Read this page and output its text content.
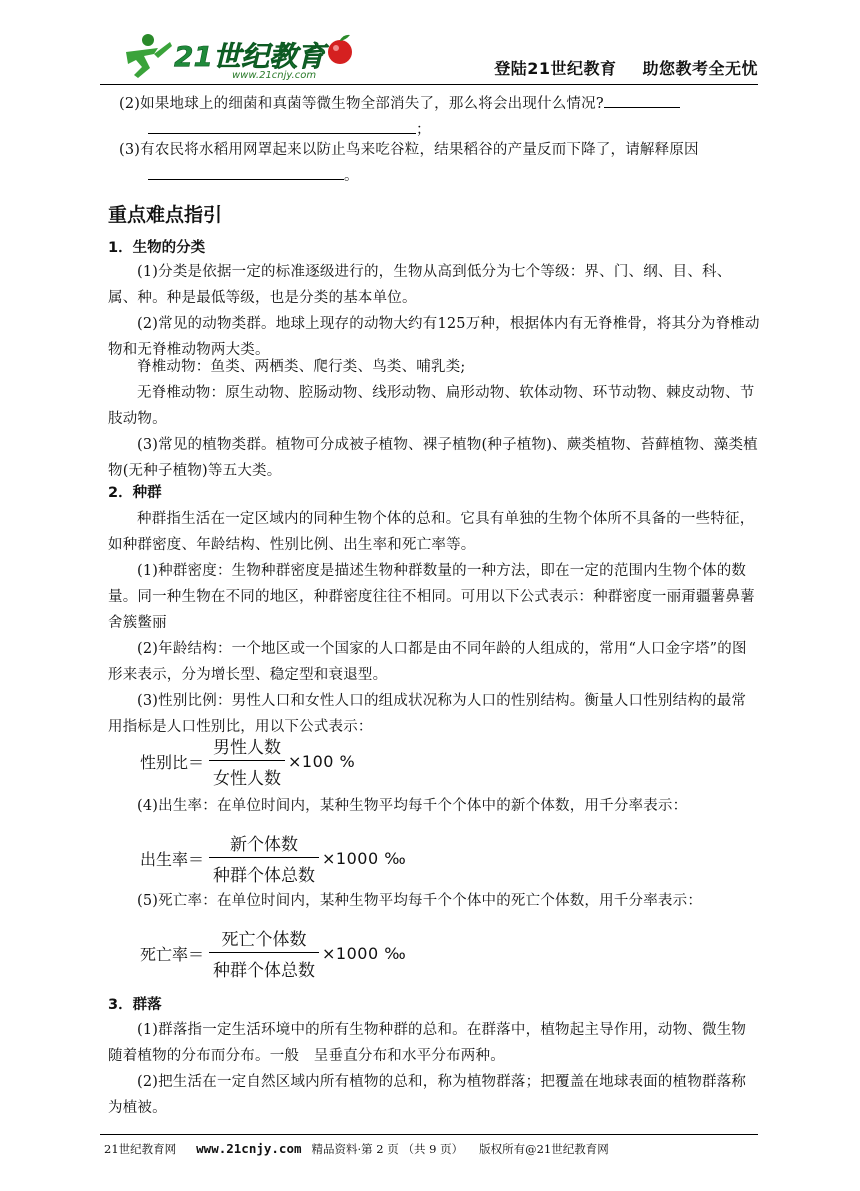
21世纪教育
www.21cnjy.com	登陆21世纪教育 助您教考全无忧
(2)如果地球上的细菌和真菌等微生物全部消失了，那么将会出现什么情况?
；
(3)有农民将水稻用网罩起来以防止鸟来吃谷粒，结果稻谷的产量反而下降了，请解释原因。
重点难点指引
1．生物的分类
(1)分类是依据一定的标准逐级进行的，生物从高到低分为七个等级：界、门、纲、目、科、属、种。种是最低等级，也是分类的基本单位。
(2)常见的动物类群。地球上现存的动物大约有125万种，根据体内有无脊椎骨，将其分为脊椎动物和无脊椎动物两大类。
脊椎动物：鱼类、两栖类、爬行类、鸟类、哺乳类;
无脊椎动物：原生动物、腔肠动物、线形动物、扁形动物、软体动物、环节动物、棘皮动物、节肢动物。
(3)常见的植物类群。植物可分成被子植物、裸子植物(种子植物)、蕨类植物、苔藓植物、藻类植物(无种子植物)等五大类。
2．种群
种群指生活在一定区域内的同种生物个体的总和。它具有单独的生物个体所不具备的一些特征，如种群密度、年龄结构、性别比例、出生率和死亡率等。
(1)种群密度：生物种群密度是描述生物种群数量的一种方法，即在一定的范围内生物个体的数量。同一种生物在不同的地区，种群密度往往不相同。可用以下公式表示：种群密度一丽甭疆薯鼻薯舍簇鳖丽
(2)年龄结构：一个地区或一个国家的人口都是由不同年龄的人组成的，常用“人口金字塔”的图形来表示，分为增长型、稳定型和衰退型。
(3)性别比例：男性人口和女性人口的组成状况称为人口的性别结构。衡量人口性别结构的最常用指标是人口性别比，用以下公式表示：
性别比＝ $\frac{\text{男性人数}}{\text{女性人数}} \times 100$ %
(4)出生率：在单位时间内，某种生物平均每千个个体中的新个体数，用千分率表示：
出生率＝ $\frac{\text{新个体数}}{\text{种群个体总数}} \times 1000$ ‰
(5)死亡率：在单位时间内，某种生物平均每千个个体中的死亡个体数，用千分率表示：
死亡率＝ $\frac{\text{死亡个体数}}{\text{种群个体总数}} \times 1000$ ‰
3．群落
(1)群落指一定生活环境中的所有生物种群的总和。在群落中，植物起主导作用，动物、微生物随着植物的分布而分布。一般　呈垂直分布和水平分布两种。
(2)把生活在一定自然区域内所有植物的总和，称为植物群落；把覆盖在地球表面的植物群落称为植被。
21世纪教育网 www.21cnjy.com 精品资料·第 2 页 （共 9 页） 版权所有@21世纪教育网
